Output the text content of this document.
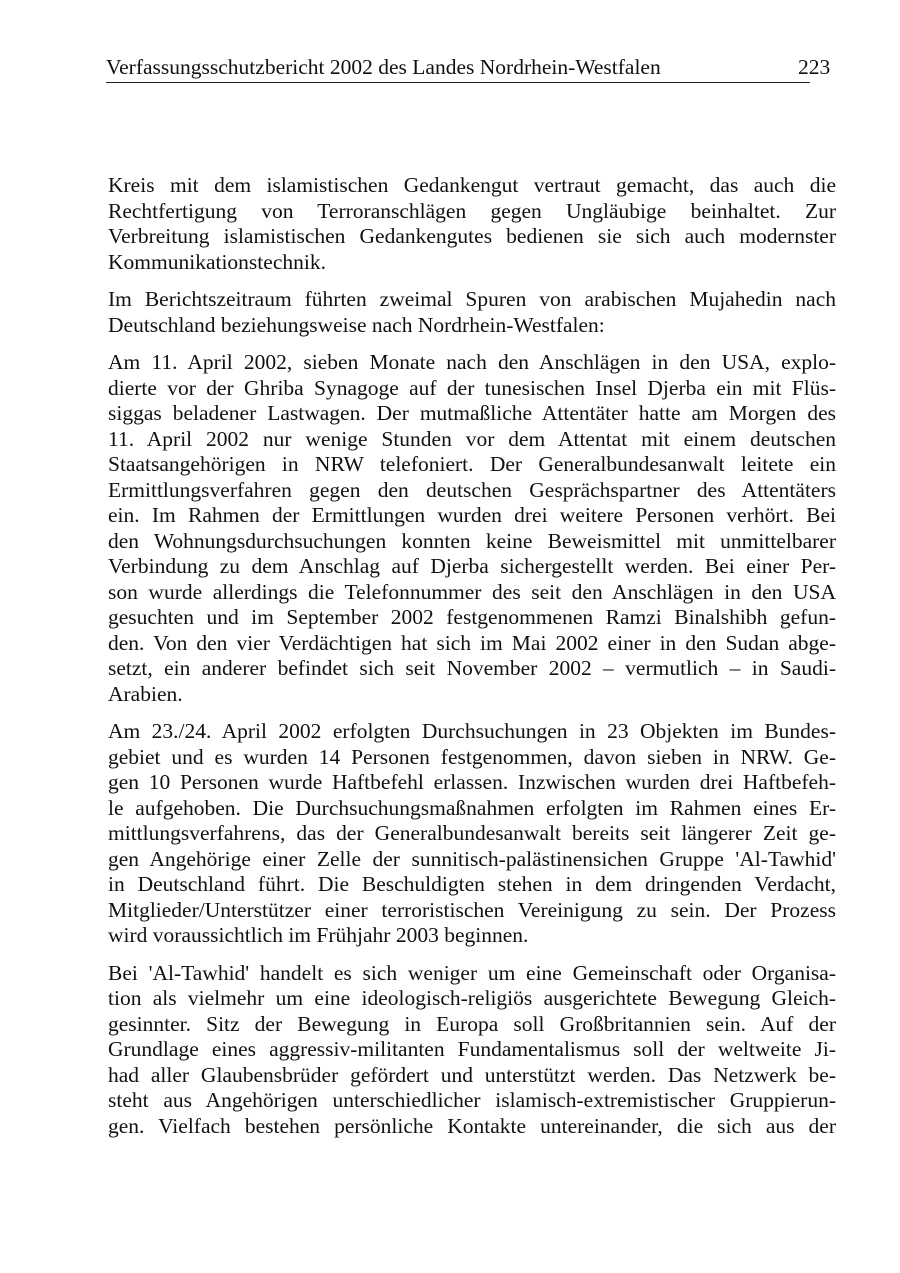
Verfassungsschutzbericht 2002 des Landes Nordrhein-Westfalen	223

Kreis mit dem islamistischen Gedankengut vertraut gemacht, das auch die
Rechtfertigung von Terroranschlägen gegen Ungläubige beinhaltet. Zur
Verbreitung islamistischen Gedankengutes bedienen sie sich auch modernster
Kommunikationstechnik.

Im Berichtszeitraum führten zweimal Spuren von arabischen Mujahedin nach
Deutschland beziehungsweise nach Nordrhein-Westfalen:

Am 11. April 2002, sieben Monate nach den Anschlägen in den USA, explo-
dierte vor der Ghriba Synagoge auf der tunesischen Insel Djerba ein mit Flüs-
siggas beladener Lastwagen. Der mutmaßliche Attentäter hatte am Morgen des
11. April 2002 nur wenige Stunden vor dem Attentat mit einem deutschen
Staatsangehörigen in NRW telefoniert. Der Generalbundesanwalt leitete ein
Ermittlungsverfahren gegen den deutschen Gesprächspartner des Attentäters
ein. Im Rahmen der Ermittlungen wurden drei weitere Personen verhört. Bei
den Wohnungsdurchsuchungen konnten keine Beweismittel mit unmittelbarer
Verbindung zu dem Anschlag auf Djerba sichergestellt werden. Bei einer Per-
son wurde allerdings die Telefonnummer des seit den Anschlägen in den USA
gesuchten und im September 2002 festgenommenen Ramzi Binalshibh gefun-
den. Von den vier Verdächtigen hat sich im Mai 2002 einer in den Sudan abge-
setzt, ein anderer befindet sich seit November 2002 – vermutlich – in Saudi-
Arabien.

Am 23./24. April 2002 erfolgten Durchsuchungen in 23 Objekten im Bundes-
gebiet und es wurden 14 Personen festgenommen, davon sieben in NRW. Ge-
gen 10 Personen wurde Haftbefehl erlassen. Inzwischen wurden drei Haftbefeh-
le aufgehoben. Die Durchsuchungsmaßnahmen erfolgten im Rahmen eines Er-
mittlungsverfahrens, das der Generalbundesanwalt bereits seit längerer Zeit ge-
gen Angehörige einer Zelle der sunnitisch-palästinensichen Gruppe 'Al-Tawhid'
in Deutschland führt. Die Beschuldigten stehen in dem dringenden Verdacht,
Mitglieder/Unterstützer einer terroristischen Vereinigung zu sein. Der Prozess
wird voraussichtlich im Frühjahr 2003 beginnen.

Bei 'Al-Tawhid' handelt es sich weniger um eine Gemeinschaft oder Organisa-
tion als vielmehr um eine ideologisch-religiös ausgerichtete Bewegung Gleich-
gesinnter. Sitz der Bewegung in Europa soll Großbritannien sein. Auf der
Grundlage eines aggressiv-militanten Fundamentalismus soll der weltweite Ji-
had aller Glaubensbrüder gefördert und unterstützt werden. Das Netzwerk be-
steht aus Angehörigen unterschiedlicher islamisch-extremistischer Gruppierun-
gen. Vielfach bestehen persönliche Kontakte untereinander, die sich aus der
